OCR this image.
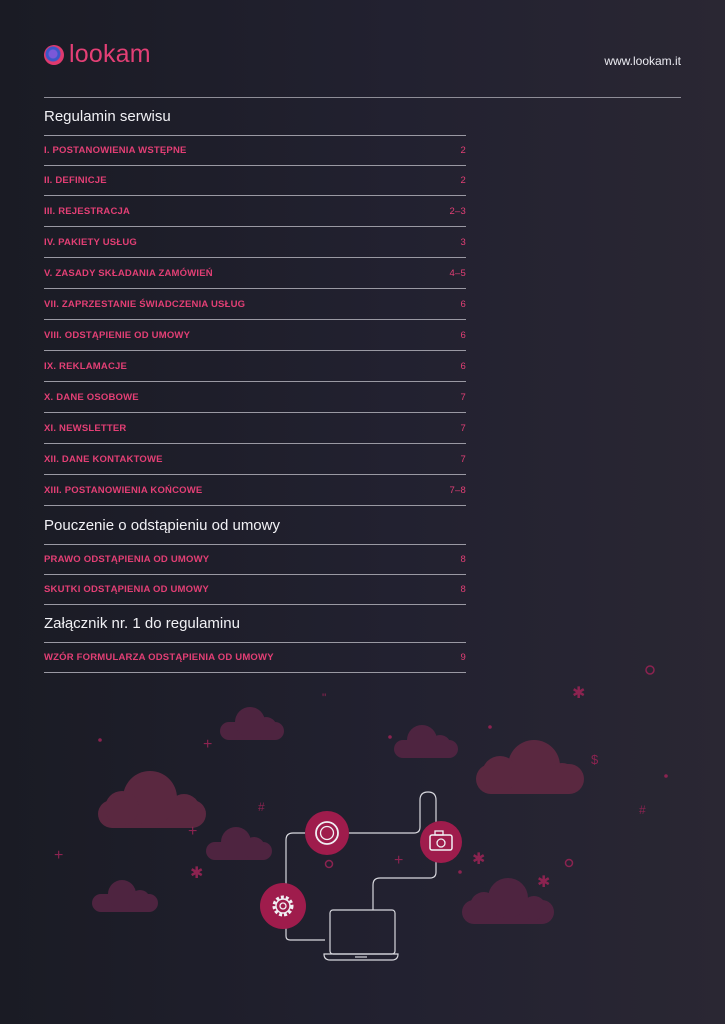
lookam	www.lookam.it
Regulamin serwisu
I. POSTANOWIENIA WSTĘPNE	2
II. DEFINICJE	2
III. REJESTRACJA	2–3
IV. PAKIETY USŁUG	3
V. ZASADY SKŁADANIA ZAMÓWIEŃ	4–5
VII. ZAPRZESTANIE ŚWIADCZENIA USŁUG	6
VIII. ODSTĄPIENIE OD UMOWY	6
IX. REKLAMACJE	6
X. DANE OSOBOWE	7
XI. NEWSLETTER	7
XII. DANE KONTAKTOWE	7
XIII. POSTANOWIENIA KOŃCOWE	7–8
Pouczenie o odstąpieniu od umowy
PRAWO ODSTĄPIENIA OD UMOWY	8
SKUTKI ODSTĄPIENIA OD UMOWY	8
Załącznik nr. 1 do regulaminu
WZÓR FORMULARZA ODSTĄPIENIA OD UMOWY	9
+
+
+
+
✱
✱
✱
✱
#	#
$
"
